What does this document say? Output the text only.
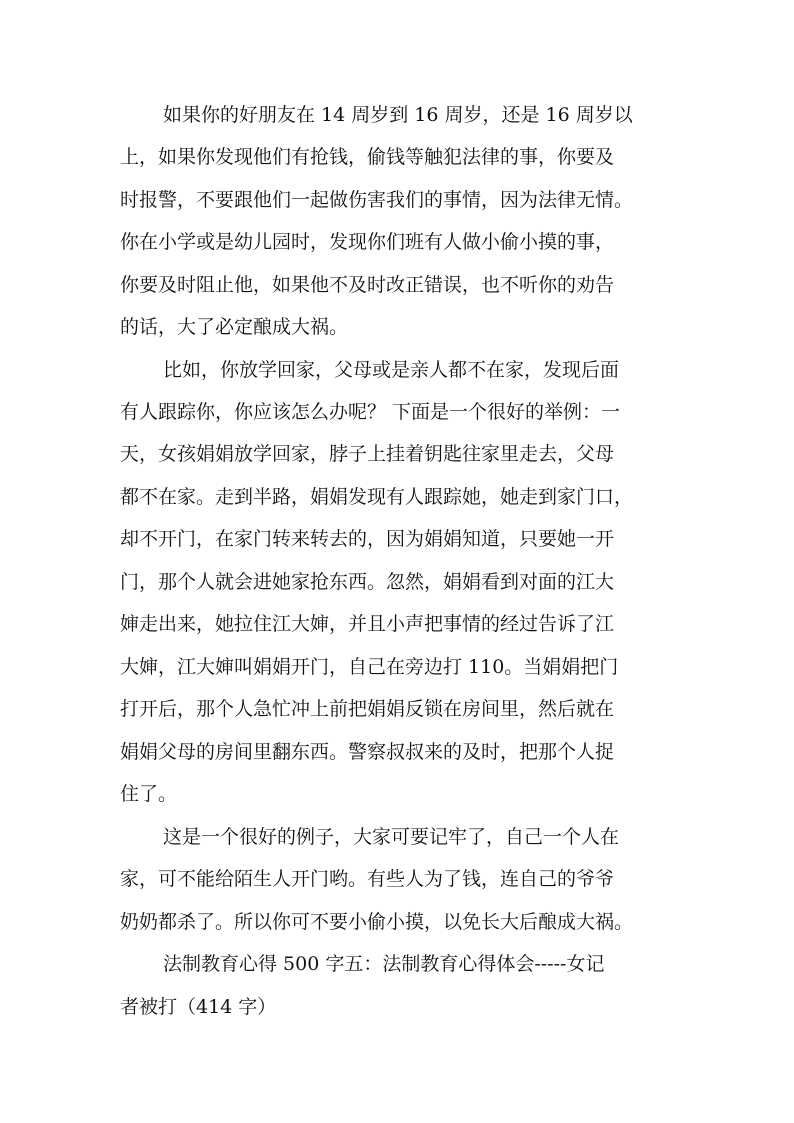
如果你的好朋友在 14 周岁到 16 周岁，还是 16 周岁以
上，如果你发现他们有抢钱，偷钱等触犯法律的事，你要及
时报警，不要跟他们一起做伤害我们的事情，因为法律无情。
你在小学或是幼儿园时，发现你们班有人做小偷小摸的事，
你要及时阻止他，如果他不及时改正错误，也不听你的劝告
的话，大了必定酿成大祸。
比如，你放学回家，父母或是亲人都不在家，发现后面
有人跟踪你，你应该怎么办呢？ 下面是一个很好的举例：一
天，女孩娟娟放学回家，脖子上挂着钥匙往家里走去，父母
都不在家。走到半路，娟娟发现有人跟踪她，她走到家门口，
却不开门，在家门转来转去的，因为娟娟知道，只要她一开
门，那个人就会进她家抢东西。忽然，娟娟看到对面的江大
婶走出来，她拉住江大婶，并且小声把事情的经过告诉了江
大婶，江大婶叫娟娟开门，自己在旁边打 110。当娟娟把门
打开后，那个人急忙冲上前把娟娟反锁在房间里，然后就在
娟娟父母的房间里翻东西。警察叔叔来的及时，把那个人捉
住了。
这是一个很好的例子，大家可要记牢了，自己一个人在
家，可不能给陌生人开门哟。有些人为了钱，连自己的爷爷
奶奶都杀了。所以你可不要小偷小摸，以免长大后酿成大祸。
法制教育心得 500 字五：法制教育心得体会-----女记
者被打（414 字）
